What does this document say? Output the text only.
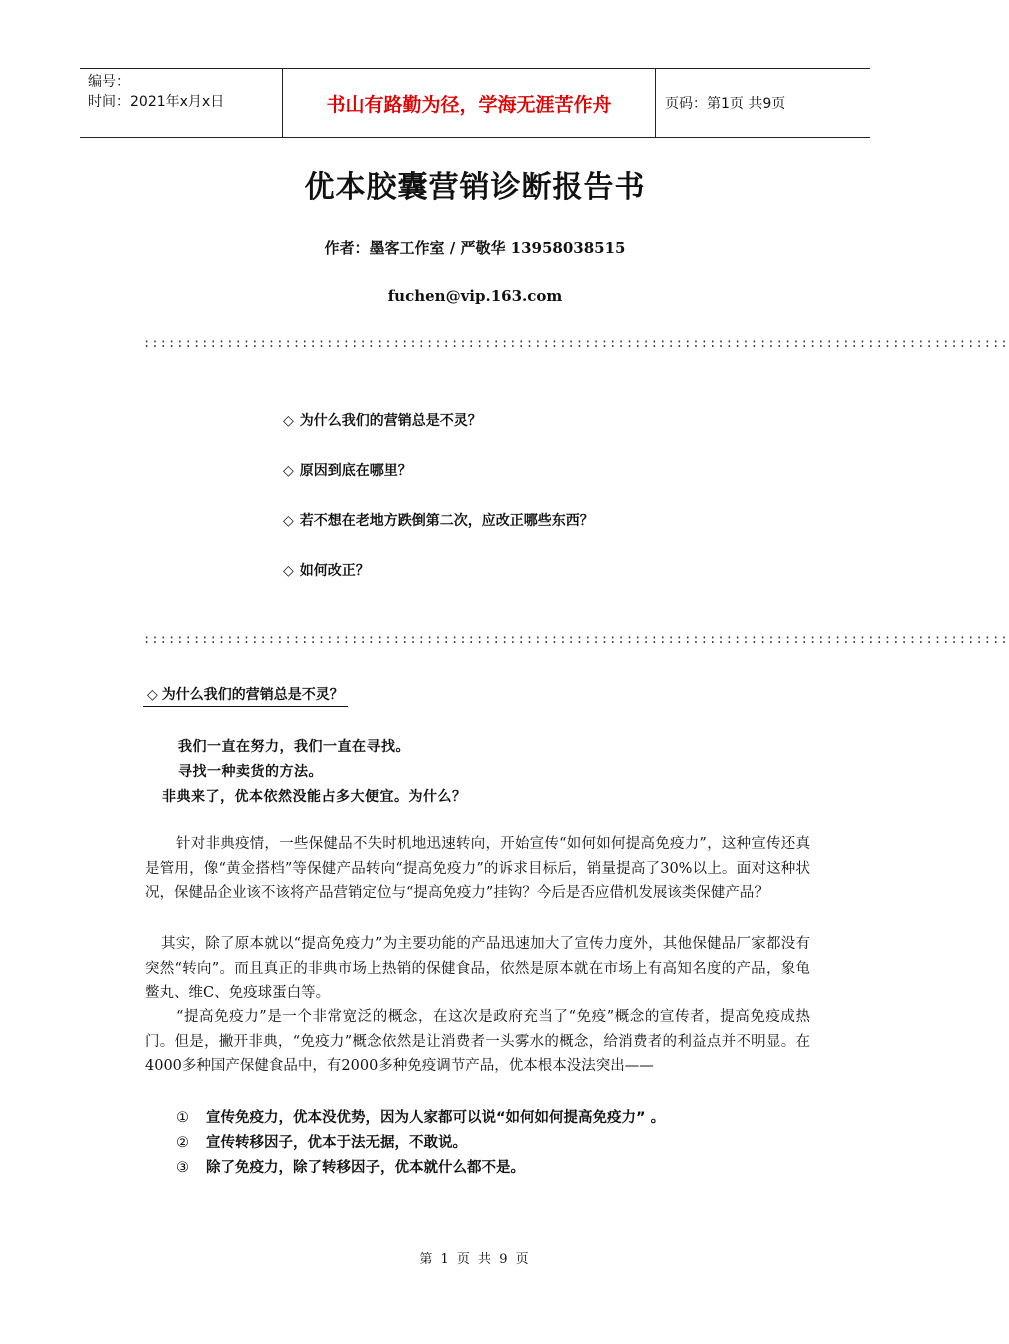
编号：
时间：2021年x月x日	书山有路勤为径，学海无涯苦作舟	页码：第1页 共9页
优本胶囊营销诊断报告书
作者：墨客工作室 / 严敬华 13958038515
fuchen@vip.163.com
::::::::::::::::::::::::::::::::::::::::::::::::::::::::::::::::::::::::::::::::::::::::::::::::::::::::
◇ 为什么我们的营销总是不灵？
◇ 原因到底在哪里？
◇ 若不想在老地方跌倒第二次，应改正哪些东西？
◇ 如何改正？
::::::::::::::::::::::::::::::::::::::::::::::::::::::::::::::::::::::::::::::::::::::::::::::::::::::::
◇ 为什么我们的营销总是不灵？
我们一直在努力，我们一直在寻找。
寻找一种卖货的方法。
非典来了，优本依然没能占多大便宜。为什么？
针对非典疫情，一些保健品不失时机地迅速转向，开始宣传“如何如何提高免疫力”，这种宣传还真是管用，像“黄金搭档”等保健产品转向“提高免疫力”的诉求目标后，销量提高了30%以上。面对这种状况，保健品企业该不该将产品营销定位与“提高免疫力”挂钩？今后是否应借机发展该类保健产品？
其实，除了原本就以“提高免疫力”为主要功能的产品迅速加大了宣传力度外，其他保健品厂家都没有突然“转向”。而且真正的非典市场上热销的保健食品，依然是原本就在市场上有高知名度的产品，象龟鳖丸、维C、免疫球蛋白等。
“提高免疫力”是一个非常宽泛的概念，在这次是政府充当了“免疫”概念的宣传者，提高免疫成热门。但是，撇开非典，“免疫力”概念依然是让消费者一头雾水的概念，给消费者的利益点并不明显。在4000多种国产保健食品中，有2000多种免疫调节产品，优本根本没法突出——
① 宣传免疫力，优本没优势，因为人家都可以说“如何如何提高免疫力” 。
② 宣传转移因子，优本于法无据，不敢说。
③ 除了免疫力，除了转移因子，优本就什么都不是。
第 1 页 共 9 页
